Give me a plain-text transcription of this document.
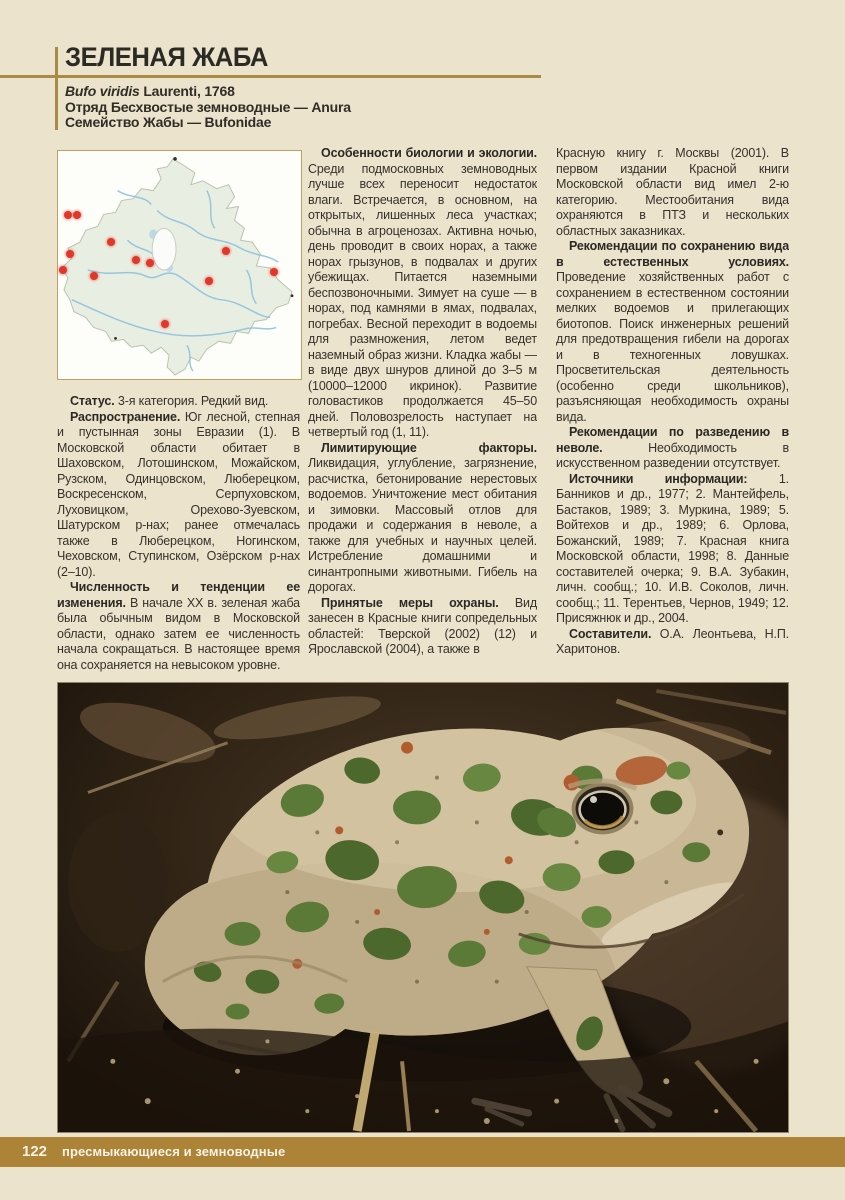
ЗЕЛЕНАЯ ЖАБА
Bufo viridis Laurenti, 1768
Отряд Бесхвостые земноводные — Anura
Семейство Жабы — Bufonidae

Статус. 3-я категория. Редкий вид.

Распространение. Юг лесной, степная и пустынная зоны Евразии (1). В Московской области обитает в Шаховском, Лотошинском, Можайском, Рузском, Одинцовском, Люберецком, Воскресенском, Серпуховском, Луховицком, Орехово-Зуевском, Шатурском р-нах; ранее отмечалась также в Люберецком, Ногинском, Чеховском, Ступинском, Озёрском р-нах (2–10).

Численность и тенденции ее изменения. В начале XX в. зеленая жаба была обычным видом в Московской области, однако затем ее численность начала сокращаться. В настоящее время она сохраняется на невысоком уровне.

Особенности биологии и экологии. Среди подмосковных земноводных лучше всех переносит недостаток влаги. Встречается, в основном, на открытых, лишенных леса участках; обычна в агроценозах. Активна ночью, день проводит в своих норах, а также норах грызунов, в подвалах и других убежищах. Питается наземными беспозвоночными. Зимует на суше — в норах, под камнями в ямах, подвалах, погребах. Весной переходит в водоемы для размножения, летом ведет наземный образ жизни. Кладка жабы — в виде двух шнуров длиной до 3–5 м (10000–12000 икринок). Развитие головастиков продолжается 45–50 дней. Половозрелость наступает на четвертый год (1, 11).

Лимитирующие факторы. Ликвидация, углубление, загрязнение, расчистка, бетонирование нерестовых водоемов. Уничтожение мест обитания и зимовки. Массовый отлов для продажи и содержания в неволе, а также для учебных и научных целей. Истребление домашними и синантропными животными. Гибель на дорогах.

Принятые меры охраны. Вид занесен в Красные книги сопредельных областей: Тверской (2002) (12) и Ярославской (2004), а также в

Красную книгу г. Москвы (2001). В первом издании Красной книги Московской области вид имел 2-ю категорию. Местообитания вида охраняются в ПТЗ и нескольких областных заказниках.

Рекомендации по сохранению вида в естественных условиях. Проведение хозяйственных работ с сохранением в естественном состоянии мелких водоемов и прилегающих биотопов. Поиск инженерных решений для предотвращения гибели на дорогах и в техногенных ловушках. Просветительская деятельность (особенно среди школьников), разъясняющая необходимость охраны вида.

Рекомендации по разведению в неволе.	Необходимость в искусственном разведении отсутствует.

Источники информации:	1. Банников и др., 1977; 2. Мантейфель, Бастаков, 1989; 3. Муркина, 1989; 5. Войтехов и др., 1989; 6. Орлова, Божанский, 1989; 7. Красная книга Московской области, 1998; 8. Данные составителей очерка; 9. В.А. Зубакин, личн. сообщ.; 10. И.В. Соколов, личн. сообщ.; 11. Терентьев, Чернов, 1949; 12. Присяжнюк и др., 2004.

Составители. О.А. Леонтьева, Н.П. Харитонов.

122 пресмыкающиеся и земноводные
